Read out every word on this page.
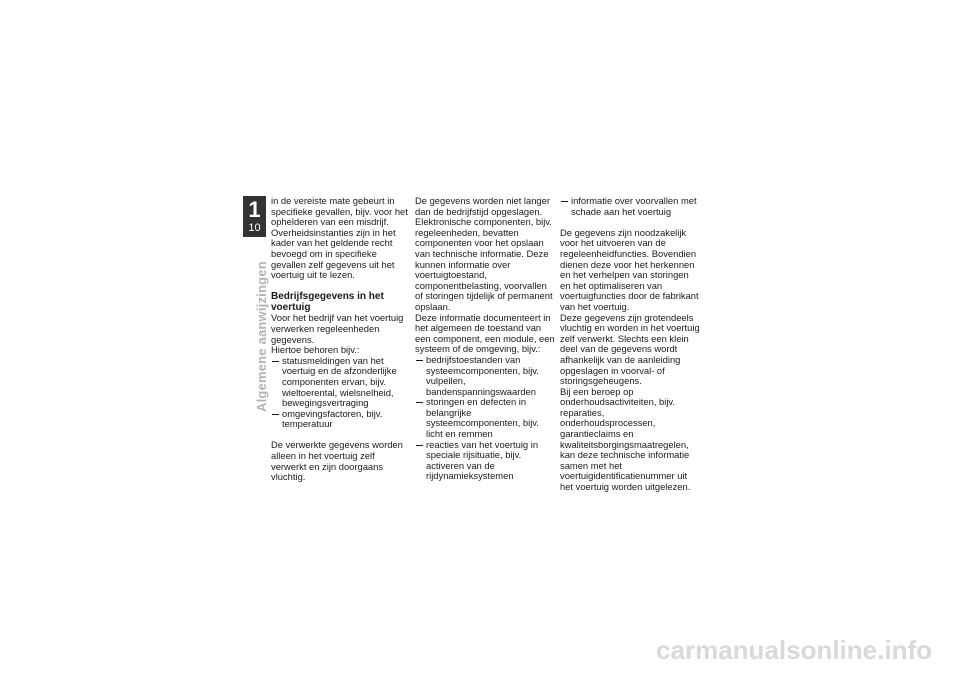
1
10
Algemene aanwijzingen

in de vereiste mate gebeurt in specifieke gevallen, bijv. voor het ophelderen van een misdrijf. Overheidsinstanties zijn in het kader van het geldende recht bevoegd om in specifieke gevallen zelf gegevens uit het voertuig uit te lezen.

Bedrijfsgegevens in het voertuig

Voor het bedrijf van het voertuig verwerken regeleenheden gegevens.

Hiertoe behoren bijv.:

statusmeldingen van het voertuig en de afzonderlijke componenten ervan, bijv. wieltoerental, wielsnelheid, bewegingsvertraging
omgevingsfactoren, bijv. temperatuur

De verwerkte gegevens worden alleen in het voertuig zelf verwerkt en zijn doorgaans vluchtig.

De gegevens worden niet langer dan de bedrijfstijd opgeslagen. Elektronische componenten, bijv. regeleenheden, bevatten componenten voor het opslaan van technische informatie. Deze kunnen informatie over voertuigtoestand, componentbelasting, voorvallen of storingen tijdelijk of permanent opslaan.

Deze informatie documenteert in het algemeen de toestand van een component, een module, een systeem of de omgeving, bijv.:

bedrijfstoestanden van systeemcomponenten, bijv. vulpeilen, bandenspanningswaarden
storingen en defecten in belangrijke systeemcomponenten, bijv. licht en remmen
reacties van het voertuig in speciale rijsituatie, bijv. activeren van de rijdynamieksystemen
informatie over voorvallen met schade aan het voertuig

De gegevens zijn noodzakelijk voor het uitvoeren van de regeleenheidfuncties. Bovendien dienen deze voor het herkennen en het verhelpen van storingen en het optimaliseren van voertuigfuncties door de fabrikant van het voertuig.

Deze gegevens zijn grotendeels vluchtig en worden in het voertuig zelf verwerkt. Slechts een klein deel van de gegevens wordt afhankelijk van de aanleiding opgeslagen in voorval- of storingsgeheugens.

Bij een beroep op onderhoudsactiviteiten, bijv. reparaties, onderhoudsprocessen, garantieclaims en kwaliteitsborgingsmaatregelen, kan deze technische informatie samen met het voertuigidentificatienummer uit het voertuig worden uitgelezen.

carmanualsonline.info
